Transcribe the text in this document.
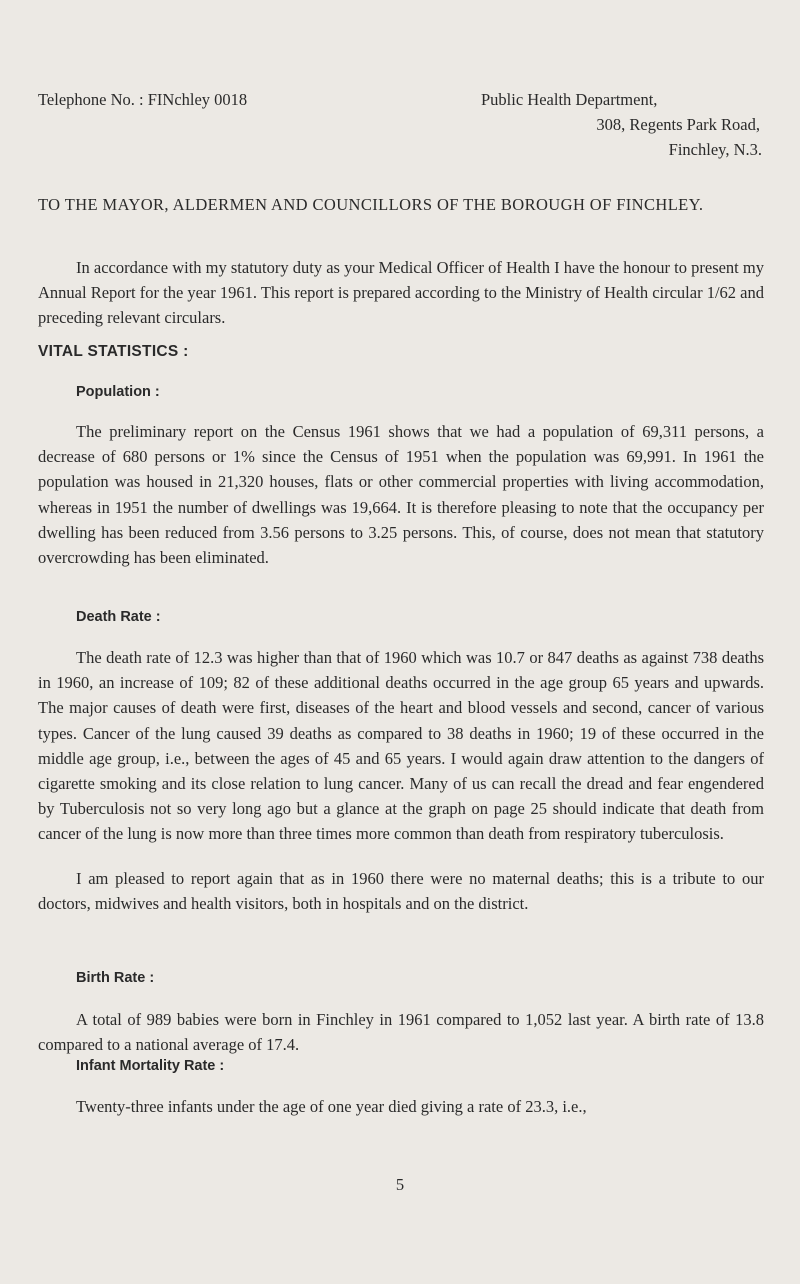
Telephone No. : FINchley 0018	Public Health Department,
308, Regents Park Road,
Finchley, N.3.
TO THE MAYOR, ALDERMEN AND COUNCILLORS OF THE BOROUGH OF FINCHLEY.
In accordance with my statutory duty as your Medical Officer of Health I have the honour to present my Annual Report for the year 1961. This report is prepared according to the Ministry of Health circular 1/62 and preceding relevant circulars.
VITAL STATISTICS :
Population :
The preliminary report on the Census 1961 shows that we had a population of 69,311 persons, a decrease of 680 persons or 1% since the Census of 1951 when the population was 69,991. In 1961 the population was housed in 21,320 houses, flats or other commercial properties with living accommodation, whereas in 1951 the number of dwellings was 19,664. It is therefore pleasing to note that the occupancy per dwelling has been reduced from 3.56 persons to 3.25 persons. This, of course, does not mean that statutory overcrowding has been eliminated.
Death Rate :
The death rate of 12.3 was higher than that of 1960 which was 10.7 or 847 deaths as against 738 deaths in 1960, an increase of 109; 82 of these additional deaths occurred in the age group 65 years and upwards. The major causes of death were first, diseases of the heart and blood vessels and second, cancer of various types. Cancer of the lung caused 39 deaths as compared to 38 deaths in 1960; 19 of these occurred in the middle age group, i.e., between the ages of 45 and 65 years. I would again draw attention to the dangers of cigarette smoking and its close relation to lung cancer. Many of us can recall the dread and fear engendered by Tuberculosis not so very long ago but a glance at the graph on page 25 should indicate that death from cancer of the lung is now more than three times more common than death from respiratory tuberculosis.
I am pleased to report again that as in 1960 there were no maternal deaths; this is a tribute to our doctors, midwives and health visitors, both in hospitals and on the district.
Birth Rate :
A total of 989 babies were born in Finchley in 1961 compared to 1,052 last year. A birth rate of 13.8 compared to a national average of 17.4.
Infant Mortality Rate :
Twenty-three infants under the age of one year died giving a rate of 23.3, i.e.,
5
